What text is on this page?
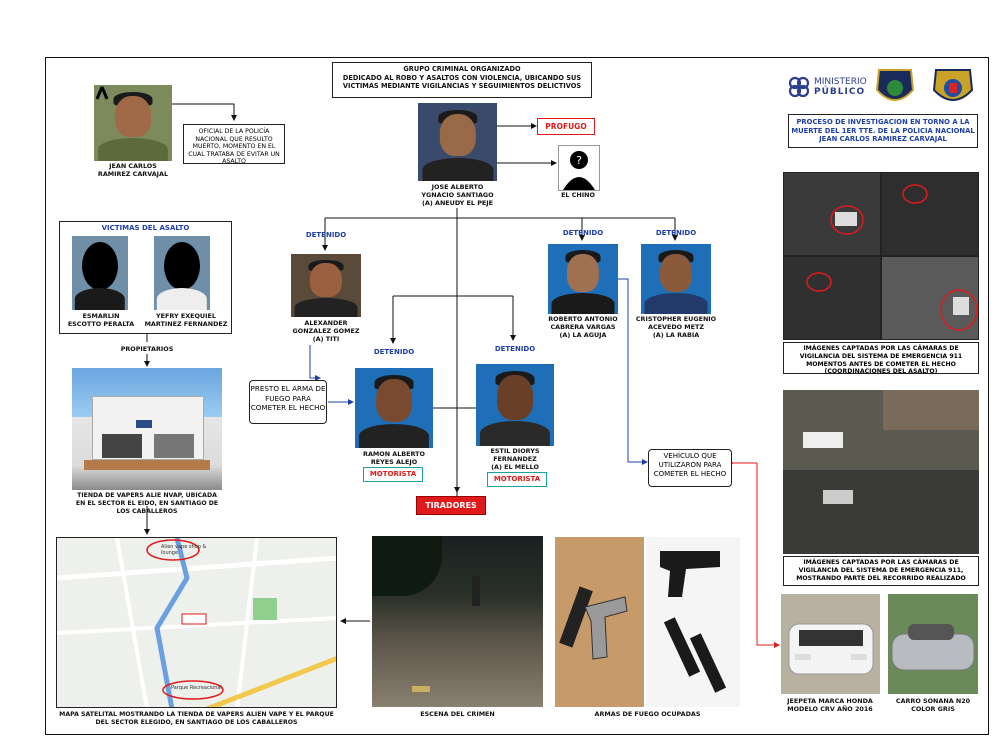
GRUPO CRIMINAL ORGANIZADO
DEDICADO AL ROBO Y ASALTOS CON VIOLENCIA, UBICANDO SUS VICTIMAS MEDIANTE VIGILANCIAS Y SEGUIMIENTOS DELICTIVOS	MINISTERIO
PÚBLICO
PROCESO DE INVESTIGACION EN TORNO A LA MUERTE DEL 1ER TTE. DE LA POLICIA NACIONAL JEAN CARLOS RAMIREZ CARVAJAL
JEAN CARLOS
RAMIREZ CARVAJAL
OFICIAL DE LA POLICÍA NACIONAL QUE RESULTO MUERTO, MOMENTO EN EL CUAL TRATABA DE EVITAR UN ASALTO
JOSE ALBERTO
YGNACIO SANTIAGO
(A) ANEUDY EL PEJE
PROFUGO
?
EL CHINO
VICTIMAS DEL ASALTO
ESMARLIN
ESCOTTO PERALTA
YEFRY EXEQUIEL
MARTINEZ FERNANDEZ
PROPIETARIOS
TIENDA DE VAPERS ALIE NVAP, UBICADA EN EL SECTOR EL EIDO, EN SANTIAGO DE LOS CABALLEROS
Alien vape shop & lounge
Parque Recreacional
MAPA SATELITAL MOSTRANDO LA TIENDA DE VAPERS ALIEN VAPE Y EL PARQUE DEL SECTOR ELEGIDO, EN SANTIAGO DE LOS CABALLEROS
DETENIDO
ALEXANDER
GONZALEZ GOMEZ
(A) TITI
DETENIDO
RAMON ALBERTO
REYES ALEJO
MOTORISTA
DETENIDO
ESTIL DIORYS
FERNANDEZ
(A) EL MELLO
MOTORISTA
DETENIDO
ROBERTO ANTONIO
CABRERA VARGAS
(A) LA AGUJA
DETENIDO
CRISTOPHER EUGENIO
ACEVEDO METZ
(A) LA RABIA
PRESTO EL ARMA DE FUEGO PARA COMETER EL HECHO
VEHÍCULO QUE UTILIZARON PARA COMETER EL HECHO
TIRADORES
ESCENA DEL CRIMEN	ARMAS DE FUEGO OCUPADAS
IMÁGENES CAPTADAS POR LAS CÁMARAS DE VIGILANCIA DEL SISTEMA DE EMERGENCIA 911 MOMENTOS ANTES DE COMETER EL HECHO (COORDINACIONES DEL ASALTO)
IMÁGENES CAPTADAS POR LAS CÁMARAS DE VIGILANCIA DEL SISTEMA DE EMERGENCIA 911, MOSTRANDO PARTE DEL RECORRIDO REALIZADO
JEEPETA MARCA HONDA
MODELO CRV AÑO 2016
CARRO SONANA N20
COLOR GRIS
